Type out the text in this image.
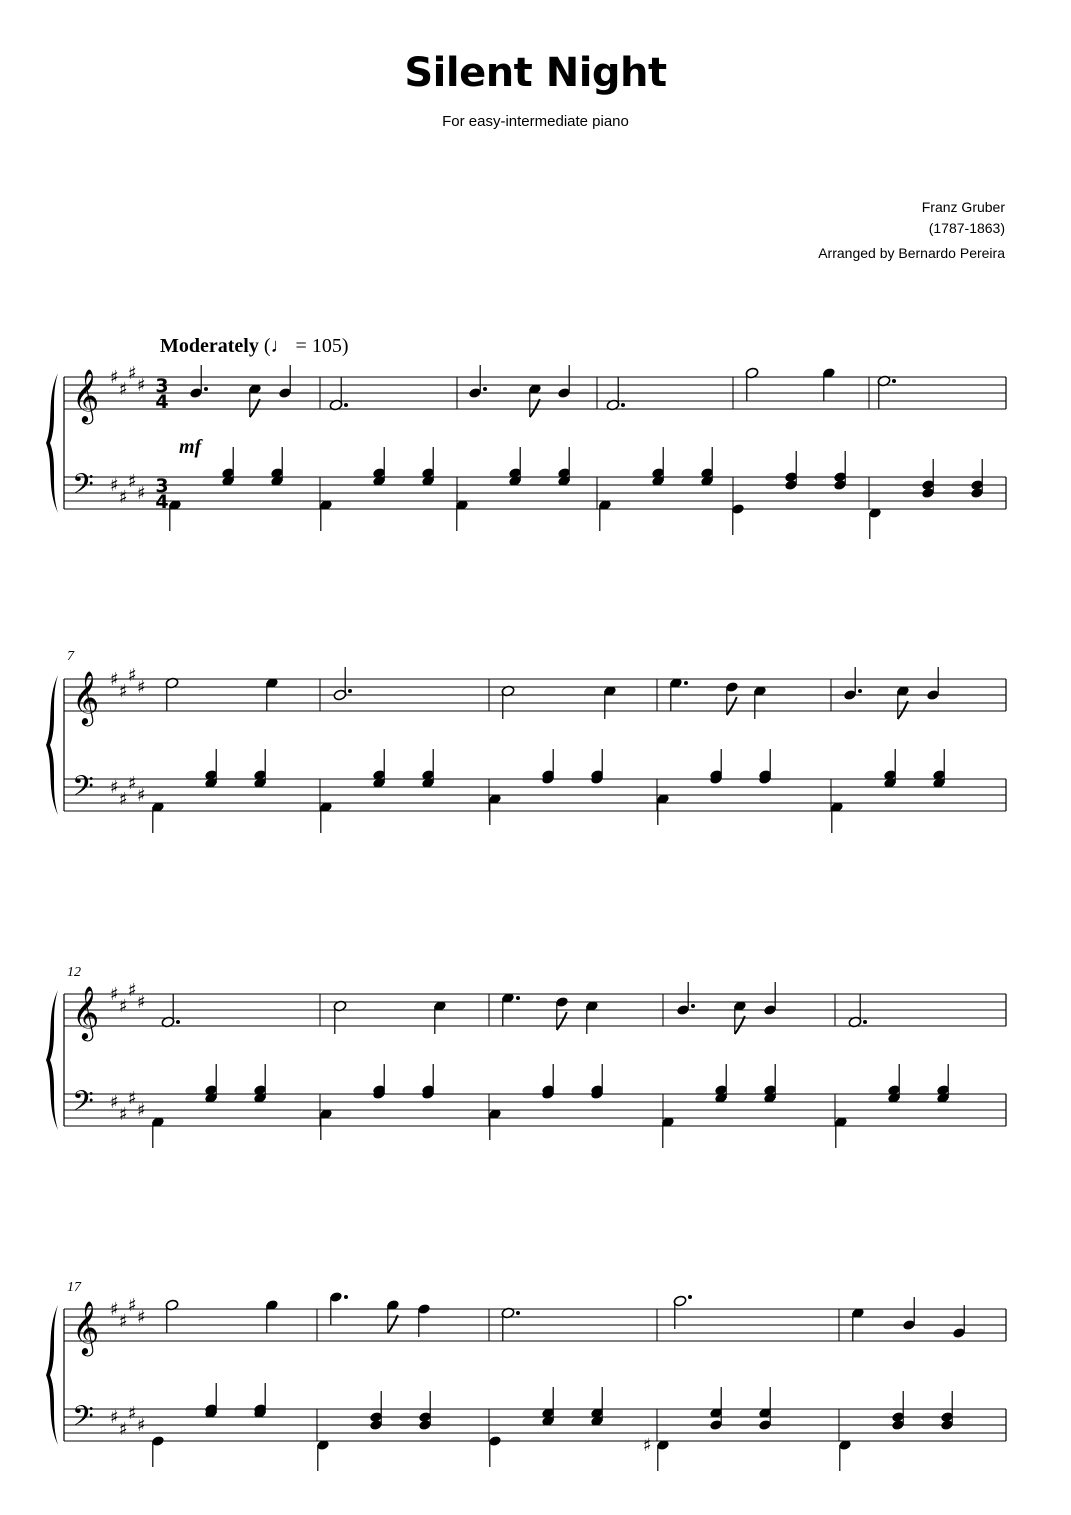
Silent Night
For easy-intermediate piano
Franz Gruber
(1787-1863)
Arranged by Bernardo Pereira
Moderately (♩ = 105)
mf
7
12
17
𝄞
𝄢
♯
♯
♯
♯
♯
♯
♯
♯
3
4
3
4
𝄞
𝄢
♯
♯
♯
♯
♯
♯
♯
♯
𝄞
𝄢
♯
♯
♯
♯
♯
♯
♯
♯
𝄞
𝄢
♯
♯
♯
♯
♯
♯
♯
♯
♯
